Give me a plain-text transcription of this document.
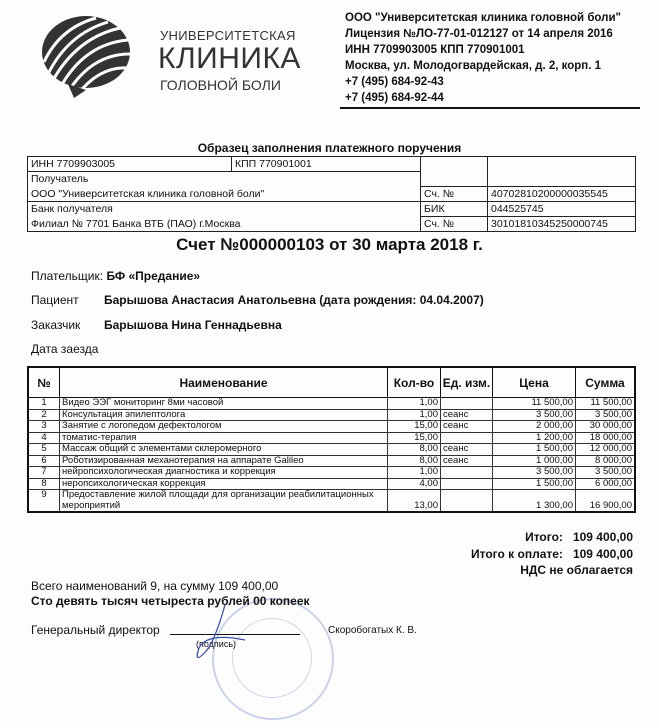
УНИВЕРСИТЕТСКАЯ
КЛИНИКА
ГОЛОВНОЙ БОЛИ
ООО "Университетская клиника головной боли"
Лицензия №ЛО-77-01-012127 от 14 апреля 2016
ИНН 7709903005 КПП 770901001
Москва, ул. Молодогвардейская, д. 2, корп. 1
+7 (495) 684-92-43
+7 (495) 684-92-44
Образец заполнения платежного поручения
ИНН 7709903005	КПП 770901001		
Получатель			
ООО "Университетская клиника головной боли"		Сч. №	40702810200000035545
Банк получателя		БИК	044525745
Филиал № 7701 Банка ВТБ (ПАО) г.Москва		Сч. №	30101810345250000745
Счет №000000103 от 30 марта 2018 г.
Плательщик: БФ «Предание»
Пациент Барышова Анастасия Анатольевна (дата рождения: 04.04.2007)
Заказчик Барышова Нина Геннадьевна
Дата заезда
№	Наименование	Кол-во	Ед. изм.	Цена	Сумма
1	Видео ЭЭГ мониторинг 8ми часовой	1,00		11 500,00	11 500,00
2	Консультация эпилептолога	1,00	сеанс	3 500,00	3 500,00
3	Занятие с логопедом дефектологом	15,00	сеанс	2 000,00	30 000,00
4	томатис-терапия	15,00		1 200,00	18 000,00
5	Массаж общий с элементами склеромерного	8,00	сеанс	1 500,00	12 000,00
6	Роботизированная механотерапия на аппарате Galileo	8,00	сеанс	1 000,00	8 000,00
7	нейропсихологическая диагностика и коррекция	1,00		3 500,00	3 500,00
8	неропсихологическая коррекция	4,00		1 500,00	6 000,00
9	Предоставление жилой площади для организации реабилитационных мероприятий	13,00		1 300,00	16 900,00
Итого: 109 400,00
Итого к оплате: 109 400,00
НДС не облагается
Всего наименований 9, на сумму 109 400,00
Сто девять тысяч четыреста рублей 00 копеек
Генеральный директор
(подпись)
Скоробогатых К. В.
